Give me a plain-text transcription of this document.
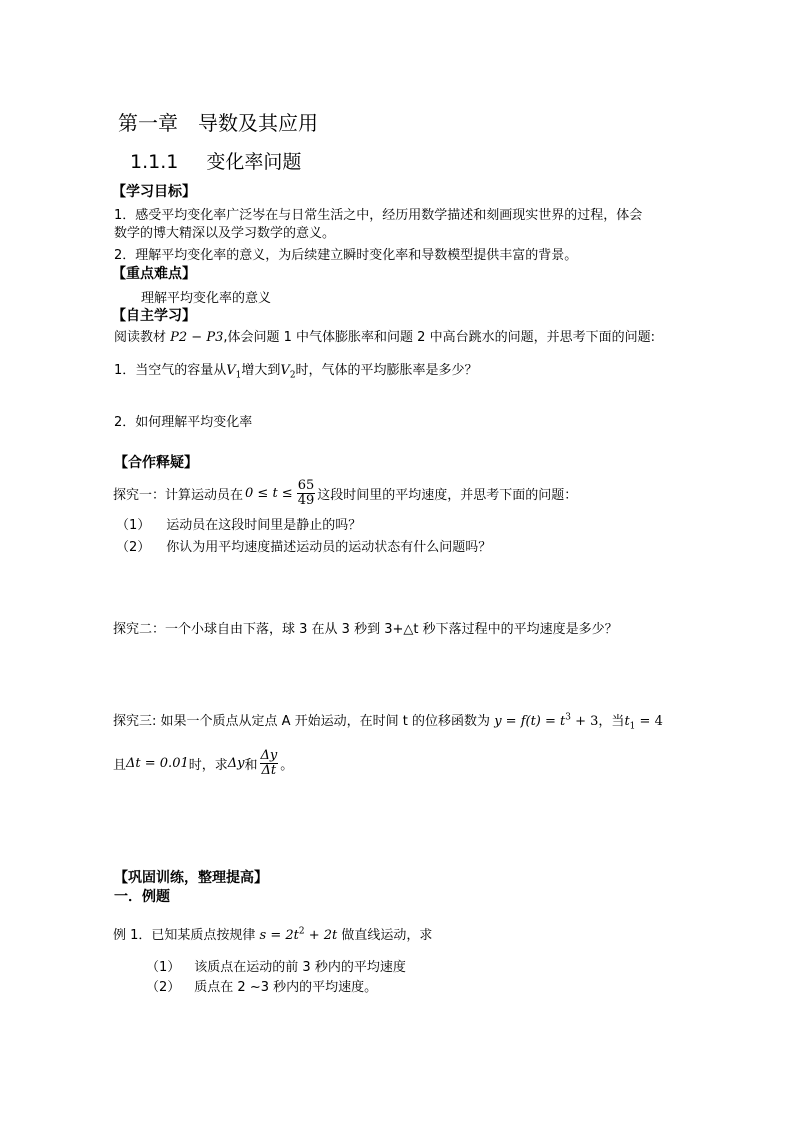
第一章　导数及其应用
1.1.1 变化率问题
【学习目标】
1．感受平均变化率广泛岑在与日常生活之中，经历用数学描述和刻画现实世界的过程，体会
数学的博大精深以及学习数学的意义。
2．理解平均变化率的意义，为后续建立瞬时变化率和导数模型提供丰富的背景。
【重点难点】
理解平均变化率的意义
【自主学习】
阅读教材 P2 − P3,体会问题 1 中气体膨胀率和问题 2 中高台跳水的问题，并思考下面的问题:
1．当空气的容量从$V_1$增大到$V_2$时，气体的平均膨胀率是多少？
2．如何理解平均变化率
【合作释疑】
探究一：计算运动员在 $0 \le t \le \frac{65}{49}$ 这段时间里的平均速度，并思考下面的问题：
（1） 运动员在这段时间里是静止的吗？
（2） 你认为用平均速度描述运动员的运动状态有什么问题吗？
探究二：一个小球自由下落，球 3 在从 3 秒到 3+△t 秒下落过程中的平均速度是多少？
探究三: 如果一个质点从定点 A 开始运动，在时间 t 的位移函数为 $y = f(t) = t^3 + 3$，当$t_1 = 4$
且 Δt = 0.01 时，求 Δy 和 $\frac{\Delta y}{\Delta t}$ 。
【巩固训练，整理提高】
一．例题
例 1．已知某质点按规律 $s = 2t^2 + 2t$ 做直线运动，求
（1） 该质点在运动的前 3 秒内的平均速度
（2） 质点在 2 ~3 秒内的平均速度。
